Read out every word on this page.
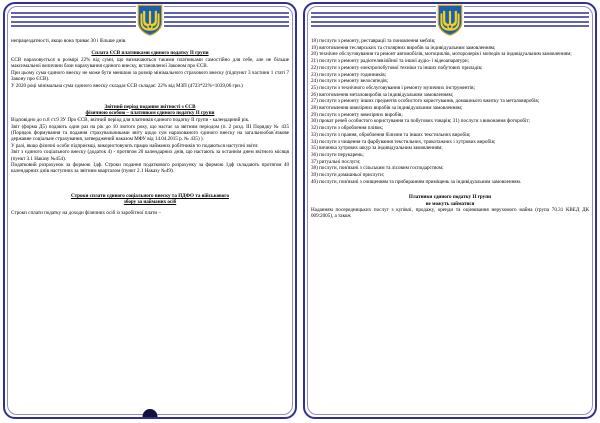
непрацездатності, якщо вона триває 30 і більше днів.

Сплата ЄСВ платниками єдиного податку ІІ групи

ЄСВ нараховується в розмірі 22% від суми, що визначаються такими платниками самостійно для себе, але не більше максимальної величини бази нарахування єдиного внеску, встановленої Законом про ЄСВ.

При цьому сума єдиного внеску не може бути меншою за розмір мінімального страхового внеску (підпункт 3 частини 1 статі 7 Закону про ЄСВ).

У 2020 році мінімальна сума єдиного внеску складає ЄСВ складає: 22% від МЗП (4723*22%=1039,06 грн.)

Звітний період подання звітності з ЄСВ

фізичною особою – платником єдиного податку ІІ групи

Відповідно до п.8 ст.9 ЗУ Про ЄСВ, звітний період для платників єдиного податку ІІ групи - календарний рік.

Звіт (форма Д5) подають один раз на рік до 10 лютого року, що настає за звітним періодом (п. 2 розд. ІІІ Порядку № 435 (Порядок формування та подання страхувальниками звіту щодо сум нарахованого єдиного внеску на загальнообов`язкове державне соціальне страхування, затверджений наказом МФУ від 14.04.2015 р. № 435) ).

У разі, якщо фізичні особи підприємці, використовують працю найманих робітників то подаються наступні звіти:

Звіт з єдиного соціального внеску (додаток 4) - протягом 20 календарних днів, що настають за останнім днем звітного місяця (пункт 3.1 Наказу №454).

Податковий розрахунок за формою 1дф. Строки подання податкового розрахунку за формою 1дф складають протягом 40 календарних днів наступних за звітним кварталом (пункт 2.1 Наказу №49).

Строки сплати єдиного соціального внеску та ПДФО та військового

збору за найманих осіб

Строки сплати податку на доходи фізичних осіб із заробітної плати –

18) послуги з ремонту, реставрації та поновлення меблів;

19) виготовлення теслярських та столярних виробів за індивідуальним замовленням;

20) технічне обслуговування та ремонт автомобілів, мотоциклів, моторолерів і мопедів за індивідуальним замовленням;

21) послуги з ремонту радіотелевізійної та іншої аудіо- і відеоапаратури;

22) послуги з ремонту електропобутової техніки та інших побутових приладів;

23) послуги з ремонту годинників;

24) послуги з ремонту велосипедів;

25) послуги з технічного обслуговування і ремонту музичних інструментів;

26) виготовлення металовиробів за індивідуальним замовленням;

27) послуги з ремонту інших предметів особистого користування, домашнього вжитку та металовиробів;

28) виготовлення ювелірних виробів за індивідуальним замовленням;

29) послуги з ремонту ювелірних виробів;

30) прокат речей особистого користування та побутових товарів; 31) послуги з виконання фоторобіт;

32) послуги з оброблення плівок;

33) послуги з прання, оброблення білизни та інших текстильних виробів;

34) послуги з чищення та фарбування текстильних, трикотажних і хутрових виробів;

35) вичинка хутрових шкур за індивідуальним замовленням;

36) послуги перукарень;

37) ритуальні послуги;

38) послуги, пов'язані з сільським та лісовим господарством;

39) послуги домашньої прислуги;

40) послуги, пов'язані з очищенням та прибиранням приміщень за індивідуальним замовленням.

Платники єдиного податку ІІ групи

не можуть займатися

Наданням посередницьких послуг з купівлі, продажу, оренди та оцінювання нерухомого майна (група 70.31 КВЕД ДК 009:2005), а також
